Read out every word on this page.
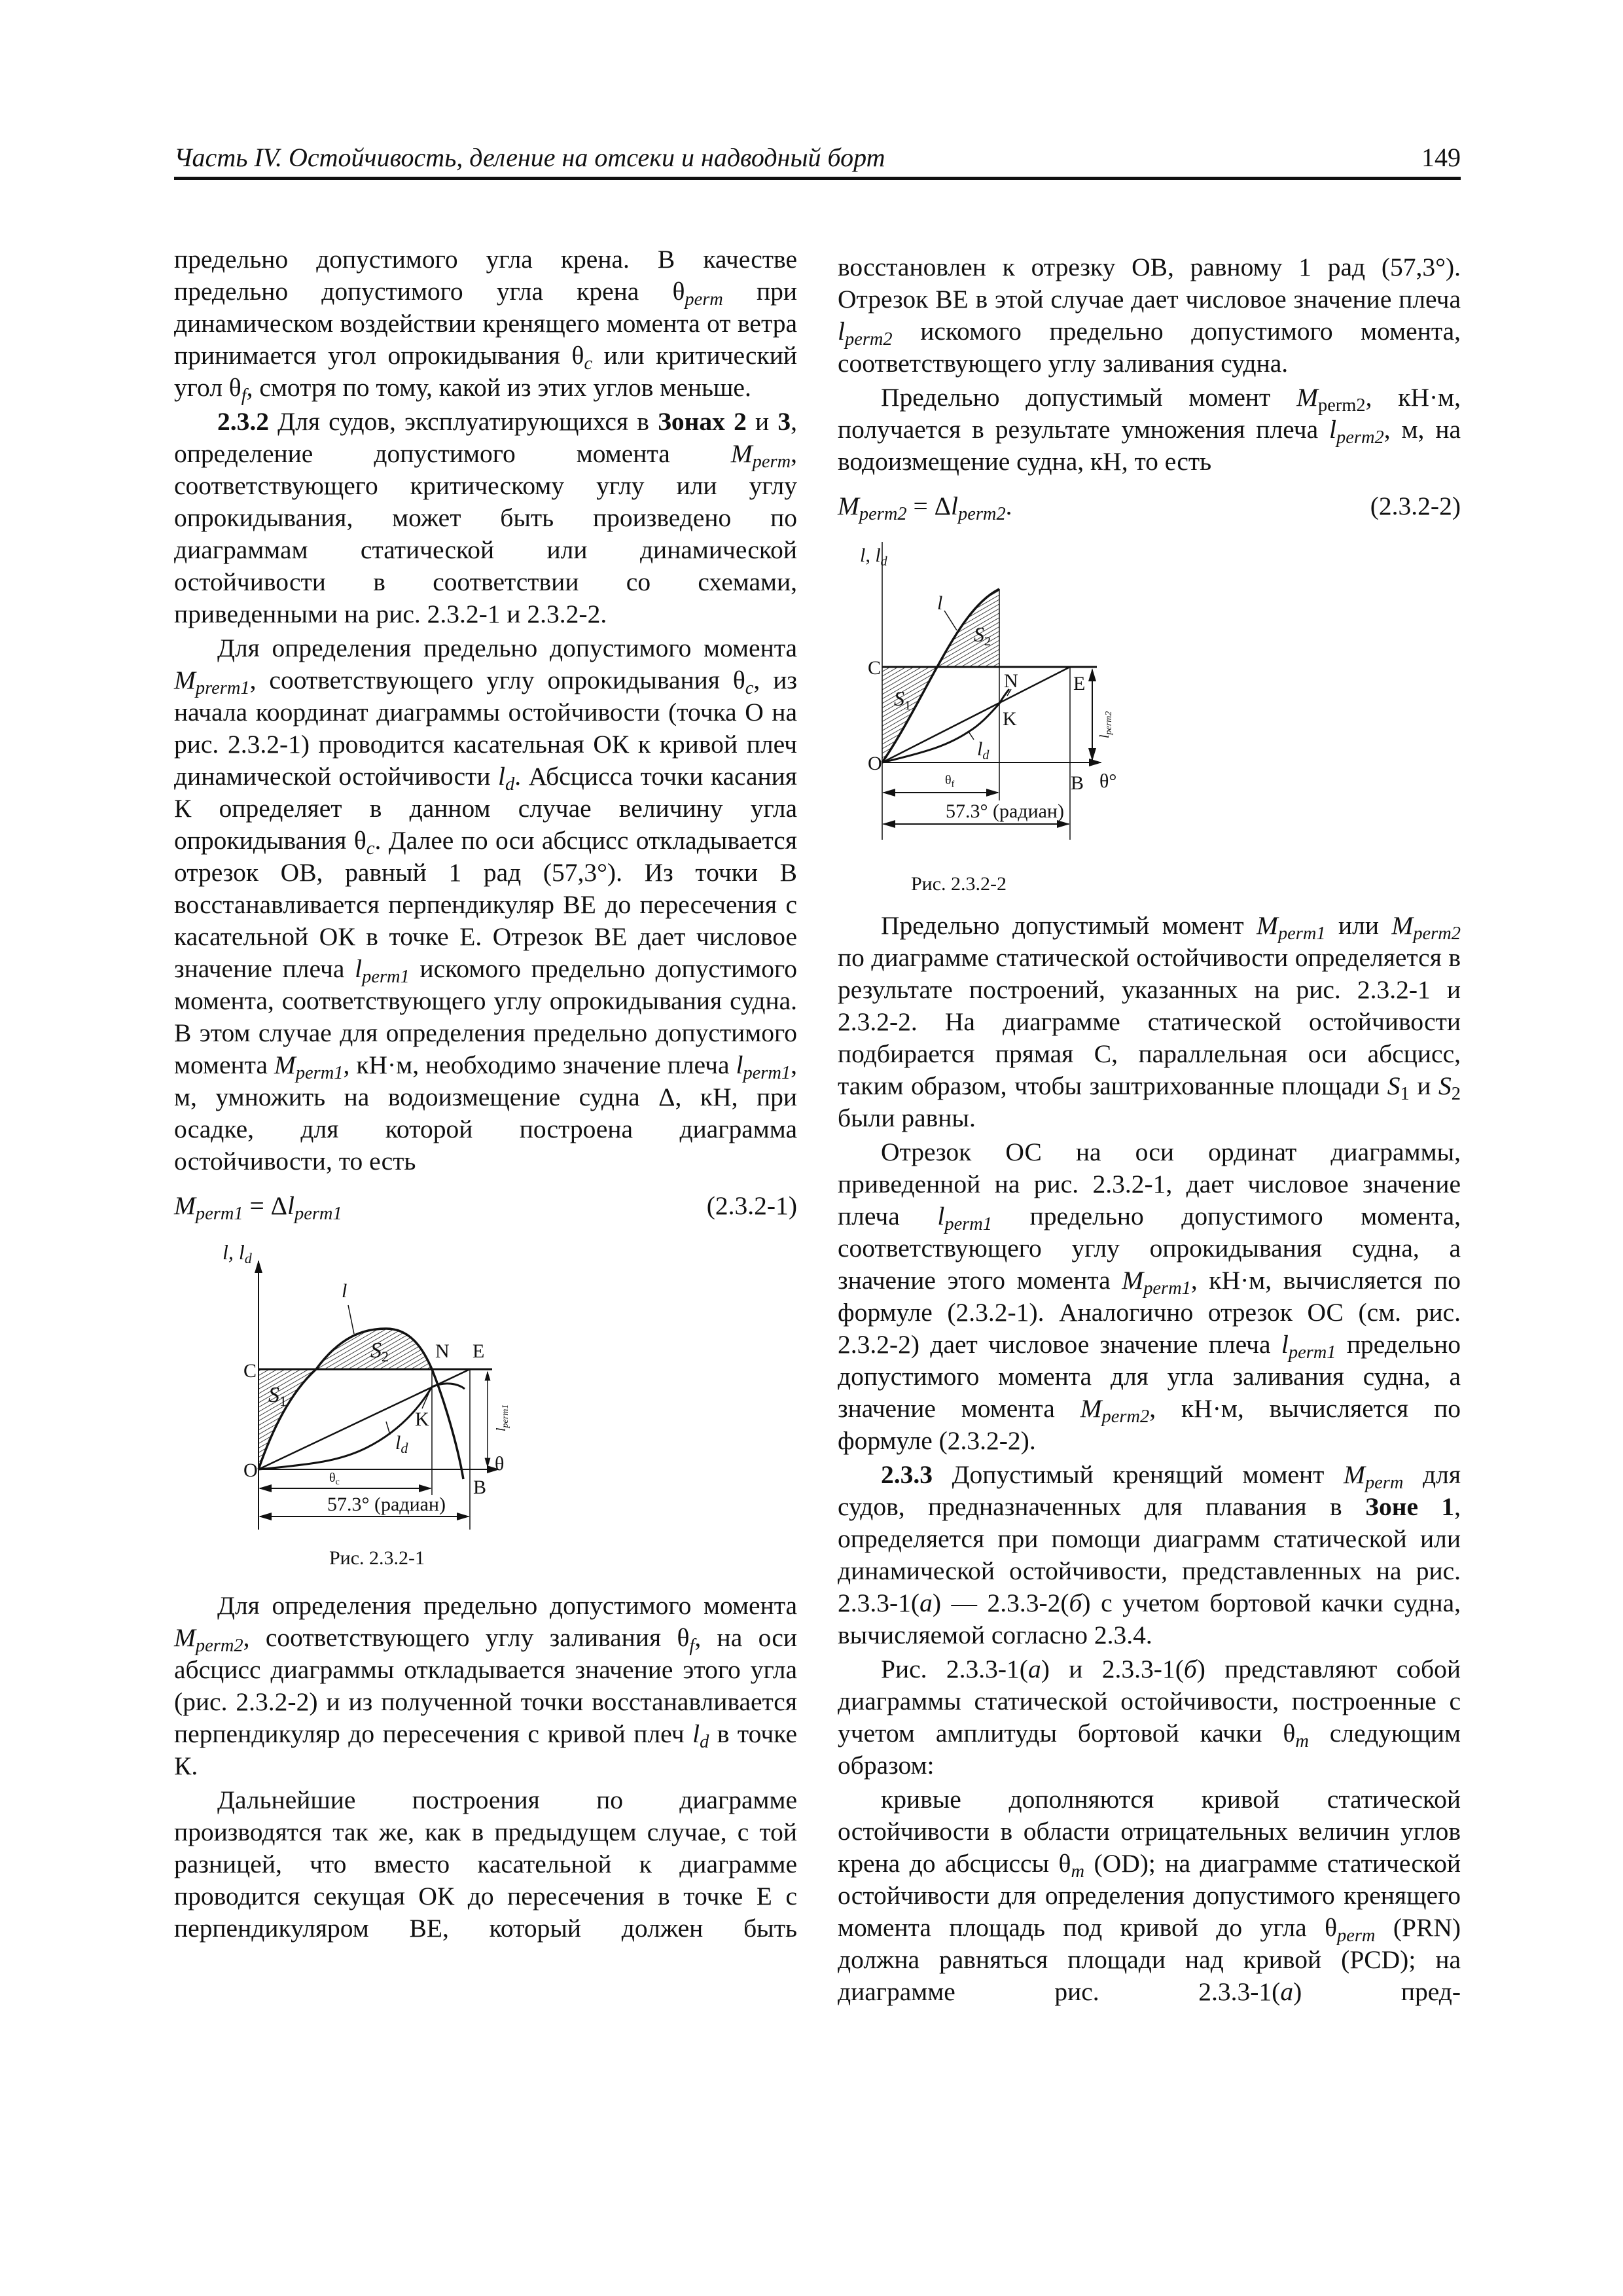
Часть IV. Остойчивость, деление на отсеки и надводный борт	149
предельно допустимого угла крена. В качестве предельно допустимого угла крена $\theta_{perm}$ при динамическом воздействии кренящего момента от ветра принимается угол опрокидывания $\theta_c$ или критический угол $\theta_f$, смотря по тому, какой из этих углов меньше.
2.3.2 Для судов, эксплуатирующихся в Зонах 2 и 3, определение допустимого момента $M_{perm}$, соответствующего критическому углу или углу опрокидывания, может быть произведено по диаграммам статической или динамической остойчивости в соответствии со схемами, приведенными на рис. 2.3.2-1 и 2.3.2-2.
Для определения предельно допустимого момента $M_{prerm1}$, соответствующего углу опрокидывания $\theta_c$, из начала координат диаграммы остойчивости (точка О на рис. 2.3.2-1) проводится касательная ОК к кривой плеч динамической остойчивости $l_d$. Абсцисса точки касания К определяет в данном случае величину угла опрокидывания $\theta_c$. Далее по оси абсцисс откладывается отрезок ОВ, равный 1 рад (57,3°). Из точки В восстанавливается перпендикуляр ВЕ до пересечения с касательной ОК в точке Е. Отрезок ВЕ дает числовое значение плеча $l_{perm1}$ искомого предельно допустимого момента, соответствующего углу опрокидывания судна. В этом случае для определения предельно допустимого момента $M_{perm1}$, кН·м, необходимо значение плеча $l_{perm1}$, м, умножить на водоизмещение судна Δ, кН, при осадке, для которой построена диаграмма остойчивости, то есть
$M_{perm1} = \Delta l_{perm1}$	(2.3.2-1)
l, ld
C
O
N E
K
B
θ
l
$l_d$
S1
S2
$\theta_c$
57.3° (радиан)
$l_{perm1}$
Рис. 2.3.2-1
Для определения предельно допустимого момента $M_{perm2}$, соответствующего углу заливания $\theta_f$, на оси абсцисс диаграммы откладывается значение этого угла (рис. 2.3.2-2) и из полученной точки восстанавливается перпендикуляр до пересечения с кривой плеч $l_d$ в точке К.
Дальнейшие построения по диаграмме производятся так же, как в предыдущем случае, с той разницей, что вместо касательной к диаграмме проводится секущая ОК до пересечения в точке Е с перпендикуляром ВЕ, который должен быть
восстановлен к отрезку ОВ, равному 1 рад (57,3°). Отрезок ВЕ в этой случае дает числовое значение плеча $l_{perm2}$ искомого предельно допустимого момента, соответствующего углу заливания судна.
Предельно допустимый момент $M_{perm2}$, кН·м, получается в результате умножения плеча $l_{perm2}$, м, на водоизмещение судна, кН, то есть
$M_{perm2} = \Delta l_{perm2}$.	(2.3.2-2)
l, $l_d$
C
O
N	E
K
B θ°
l
$l_d$
S1
S2
$\theta_f$
57.3° (радиан)
$l_{perm2}$
Рис. 2.3.2-2
Предельно допустимый момент $M_{perm1}$ или $M_{perm2}$ по диаграмме статической остойчивости определяется в результате построений, указанных на рис. 2.3.2-1 и 2.3.2-2. На диаграмме статической остойчивости подбирается прямая С, параллельная оси абсцисс, таким образом, чтобы заштрихованные площади $S_1$ и $S_2$ были равны.
Отрезок ОС на оси ординат диаграммы, приведенной на рис. 2.3.2-1, дает числовое значение плеча $l_{perm1}$ предельно допустимого момента, соответствующего углу опрокидывания судна, а значение этого момента $M_{perm1}$, кН·м, вычисляется по формуле (2.3.2-1). Аналогично отрезок ОС (см. рис. 2.3.2-2) дает числовое значение плеча $l_{perm1}$ предельно допустимого момента для угла заливания судна, а значение момента $M_{perm2}$, кН·м, вычисляется по формуле (2.3.2-2).
2.3.3 Допустимый кренящий момент $M_{perm}$ для судов, предназначенных для плавания в Зоне 1, определяется при помощи диаграмм статической или динамической остойчивости, представленных на рис. 2.3.3-1(а) — 2.3.3-2(б) с учетом бортовой качки судна, вычисляемой согласно 2.3.4.
Рис. 2.3.3-1(а) и 2.3.3-1(б) представляют собой диаграммы статической остойчивости, построенные с учетом амплитуды бортовой качки $\theta_m$ следующим образом:
кривые дополняются кривой статической остойчивости в области отрицательных величин углов крена до абсциссы $\theta_m$ (OD); на диаграмме статической остойчивости для определения допустимого кренящего момента площадь под кривой до угла $\theta_{perm}$ (PRN) должна равняться площади над кривой (PCD); на диаграмме рис. 2.3.3-1(а) пред-
